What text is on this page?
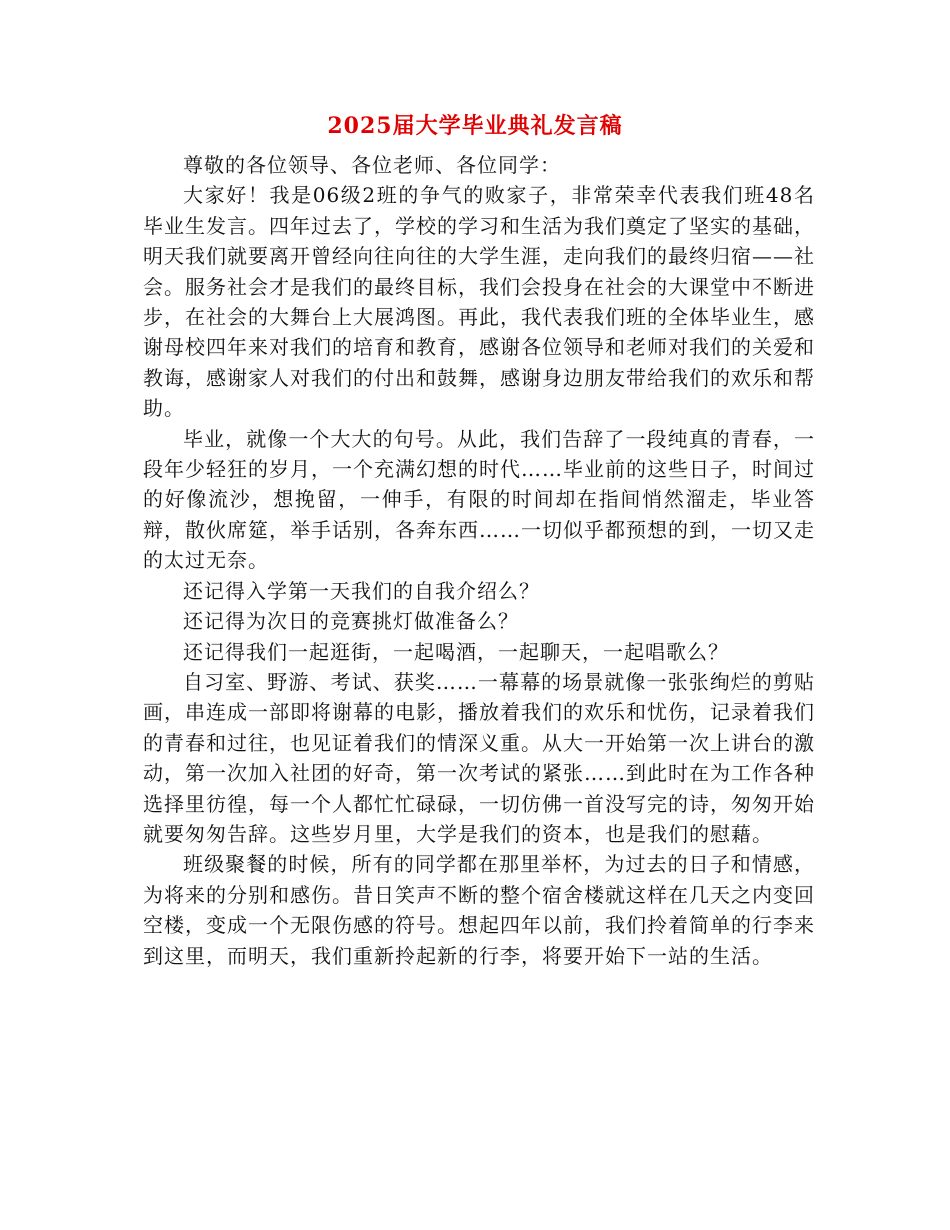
2025届大学毕业典礼发言稿

尊敬的各位领导、各位老师、各位同学：

大家好！我是06级2班的争气的败家子，非常荣幸代表我们班48名毕业生发言。四年过去了，学校的学习和生活为我们奠定了坚实的基础，明天我们就要离开曾经向往向往的大学生涯，走向我们的最终归宿——社会。服务社会才是我们的最终目标，我们会投身在社会的大课堂中不断进步，在社会的大舞台上大展鸿图。再此，我代表我们班的全体毕业生，感谢母校四年来对我们的培育和教育，感谢各位领导和老师对我们的关爱和教诲，感谢家人对我们的付出和鼓舞，感谢身边朋友带给我们的欢乐和帮助。

毕业，就像一个大大的句号。从此，我们告辞了一段纯真的青春，一段年少轻狂的岁月，一个充满幻想的时代……毕业前的这些日子，时间过的好像流沙，想挽留，一伸手，有限的时间却在指间悄然溜走，毕业答辩，散伙席筵，举手话别，各奔东西……一切似乎都预想的到，一切又走的太过无奈。

还记得入学第一天我们的自我介绍么？

还记得为次日的竞赛挑灯做准备么？

还记得我们一起逛街，一起喝酒，一起聊天，一起唱歌么？

自习室、野游、考试、获奖……一幕幕的场景就像一张张绚烂的剪贴画，串连成一部即将谢幕的电影，播放着我们的欢乐和忧伤，记录着我们的青春和过往，也见证着我们的情深义重。从大一开始第一次上讲台的激动，第一次加入社团的好奇，第一次考试的紧张……到此时在为工作各种选择里彷徨，每一个人都忙忙碌碌，一切仿佛一首没写完的诗，匆匆开始就要匆匆告辞。这些岁月里，大学是我们的资本，也是我们的慰藉。

班级聚餐的时候，所有的同学都在那里举杯，为过去的日子和情感，为将来的分别和感伤。昔日笑声不断的整个宿舍楼就这样在几天之内变回空楼，变成一个无限伤感的符号。想起四年以前，我们拎着简单的行李来到这里，而明天，我们重新拎起新的行李，将要开始下一站的生活。
